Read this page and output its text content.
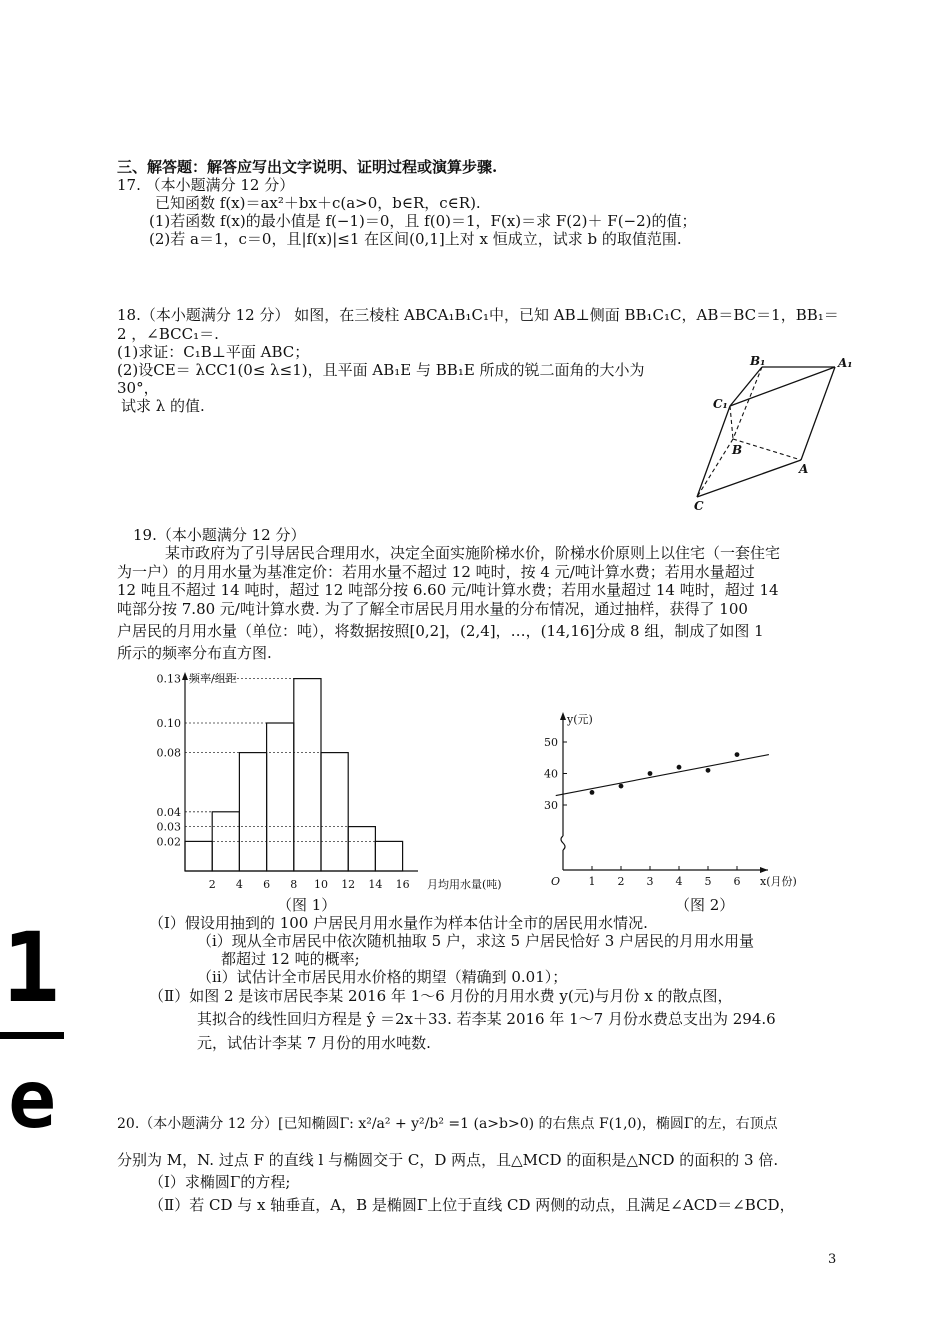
三、解答题：解答应写出文字说明、证明过程或演算步骤.
17. （本小题满分 12 分）
已知函数 f(x)＝ax²＋bx＋c(a>0，b∈R，c∈R).
(1)若函数 f(x)的最小值是 f(−1)＝0，且 f(0)＝1，F(x)＝求 F(2)＋ F(−2)的值；
(2)若 a＝1，c＝0，且|f(x)|≤1 在区间(0,1]上对 x 恒成立，试求 b 的取值范围.
18.（本小题满分 12 分） 如图，在三棱柱 ABCA₁B₁C₁中，已知 AB⊥侧面 BB₁C₁C，AB＝BC＝1，BB₁＝
2 ，∠BCC₁＝.
(1)求证：C₁B⊥平面 ABC；
(2)设CE＝ λCC1(0≤ λ≤1)，且平面 AB₁E 与 BB₁E 所成的锐二面角的大小为
30°，
试求 λ 的值.
B₁	A₁
C₁
B
A
C
19.（本小题满分 12 分）
某市政府为了引导居民合理用水，决定全面实施阶梯水价，阶梯水价原则上以住宅（一套住宅
为一户）的月用水量为基准定价：若用水量不超过 12 吨时，按 4 元/吨计算水费；若用水量超过
12 吨且不超过 14 吨时，超过 12 吨部分按 6.60 元/吨计算水费；若用水量超过 14 吨时，超过 14
吨部分按 7.80 元/吨计算水费. 为了了解全市居民月用水量的分布情况，通过抽样，获得了 100
户居民的月用水量（单位：吨），将数据按照[0,2]，(2,4]，…，(14,16]分成 8 组，制成了如图 1
所示的频率分布直方图.
0.13
0.10
0.08
0.04
0.03
0.02
2 4 6 8 10 12 14 16
频率/组距
月均用水量(吨)
50
40
30
1 2 3 4 5 6
O
y(元)
x(月份)
（图 1）	（图 2）
（Ⅰ）假设用抽到的 100 户居民月用水量作为样本估计全市的居民用水情况.
（ⅰ）现从全市居民中依次随机抽取 5 户，求这 5 户居民恰好 3 户居民的月用水用量
都超过 12 吨的概率;
（ⅱ）试估计全市居民用水价格的期望（精确到 0.01）；
（Ⅱ）如图 2 是该市居民李某 2016 年 1～6 月份的月用水费 y(元)与月份 x 的散点图，
其拟合的线性回归方程是 ŷ ＝2x＋33. 若李某 2016 年 1～7 月份水费总支出为 294.6
元，试估计李某 7 月份的用水吨数.
20.（本小题满分 12 分）[已知椭圆Γ: x²/a² + y²/b² =1 (a>b>0) 的右焦点 F(1,0)，椭圆Γ的左，右顶点
分别为 M，N. 过点 F 的直线 l 与椭圆交于 C，D 两点，且△MCD 的面积是△NCD 的面积的 3 倍.
（Ⅰ）求椭圆Γ的方程;
（Ⅱ）若 CD 与 x 轴垂直，A，B 是椭圆Γ上位于直线 CD 两侧的动点，且满足∠ACD＝∠BCD，
3
1
e
